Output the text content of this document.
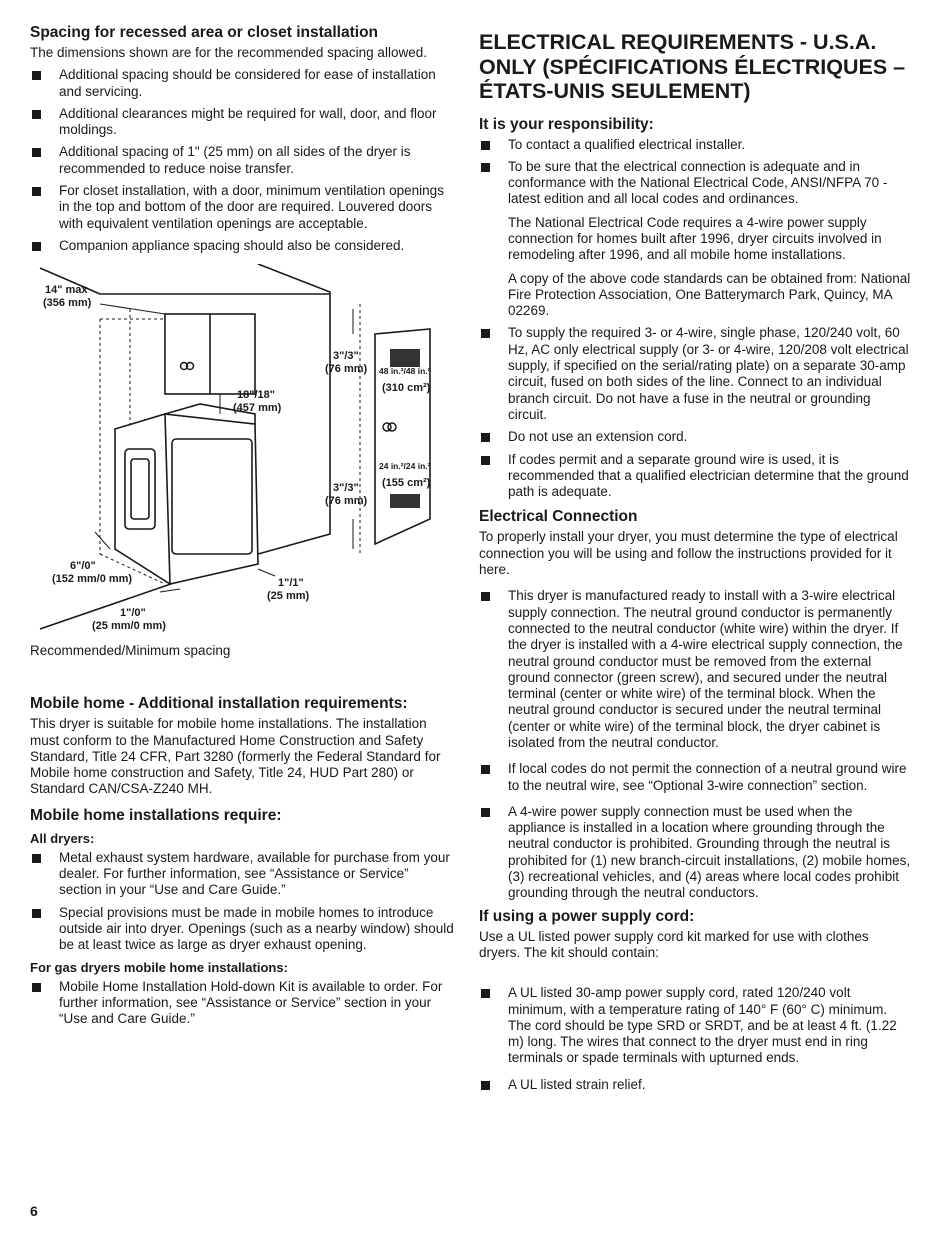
Spacing for recessed area or closet installation

The dimensions shown are for the recommended spacing allowed.

Additional spacing should be considered for ease of installation and servicing.
Additional clearances might be required for wall, door, and floor moldings.
Additional spacing of 1" (25 mm) on all sides of the dryer is recommended to reduce noise transfer.
For closet installation, with a door, minimum ventilation openings in the top and bottom of the door are required. Louvered doors with equivalent ventilation openings are acceptable.
Companion appliance spacing should also be considered.
14" max
(356 mm)
18"/18"
(457 mm)
6"/0"
(152 mm/0 mm)	1"/1"
(25 mm)
1"/0"
(25 mm/0 mm)
3"/3"
(76 mm)
3"/3"
(76 mm)
48 in.²/48 in.²
(310 cm²)
24 in.²/24 in.²
(155 cm²)

Recommended/Minimum spacing

Mobile home - Additional installation requirements:

This dryer is suitable for mobile home installations. The installation must conform to the Manufactured Home Construction and Safety Standard, Title 24 CFR, Part 3280 (formerly the Federal Standard for Mobile home construction and Safety, Title 24, HUD Part 280) or Standard CAN/CSA-Z240 MH.

Mobile home installations require:
All dryers:
Metal exhaust system hardware, available for purchase from your dealer. For further information, see “Assistance or Service” section in your “Use and Care Guide.”
Special provisions must be made in mobile homes to introduce outside air into dryer. Openings (such as a nearby window) should be at least twice as large as dryer exhaust opening.
For gas dryers mobile home installations:
Mobile Home Installation Hold-down Kit is available to order. For further information, see “Assistance or Service” section in your “Use and Care Guide.”
ELECTRICAL REQUIREMENTS - U.S.A. ONLY (SPÉCIFICATIONS ÉLECTRIQUES – ÉTATS-UNIS SEULEMENT)
It is your responsibility:
To contact a qualified electrical installer.

To be sure that the electrical connection is adequate and in conformance with the National Electrical Code, ANSI/NFPA 70 - latest edition and all local codes and ordinances.

The National Electrical Code requires a 4-wire power supply connection for homes built after 1996, dryer circuits involved in remodeling after 1996, and all mobile home installations.

A copy of the above code standards can be obtained from: National Fire Protection Association, One Batterymarch Park, Quincy, MA 02269.

To supply the required 3- or 4-wire, single phase, 120/240 volt, 60 Hz, AC only electrical supply (or 3- or 4-wire, 120/208 volt electrical supply, if specified on the serial/rating plate) on a separate 30-amp circuit, fused on both sides of the line. Connect to an individual branch circuit. Do not have a fuse in the neutral or grounding circuit.
Do not use an extension cord.
If codes permit and a separate ground wire is used, it is recommended that a qualified electrician determine that the ground path is adequate.
Electrical Connection

To properly install your dryer, you must determine the type of electrical connection you will be using and follow the instructions provided for it here.

This dryer is manufactured ready to install with a 3-wire electrical supply connection. The neutral ground conductor is permanently connected to the neutral conductor (white wire) within the dryer. If the dryer is installed with a 4-wire electrical supply connection, the neutral ground conductor must be removed from the external ground connector (green screw), and secured under the neutral terminal (center or white wire) of the terminal block. When the neutral ground conductor is secured under the neutral terminal (center or white wire) of the terminal block, the dryer cabinet is isolated from the neutral conductor.
If local codes do not permit the connection of a neutral ground wire to the neutral wire, see “Optional 3-wire connection” section.
A 4-wire power supply connection must be used when the appliance is installed in a location where grounding through the neutral conductor is prohibited. Grounding through the neutral is prohibited for (1) new branch-circuit installations, (2) mobile homes, (3) recreational vehicles, and (4) areas where local codes prohibit grounding through the neutral conductors.
If using a power supply cord:

Use a UL listed power supply cord kit marked for use with clothes dryers. The kit should contain:

A UL listed 30-amp power supply cord, rated 120/240 volt minimum, with a temperature rating of 140° F (60° C) minimum. The cord should be type SRD or SRDT, and be at least 4 ft. (1.22 m) long. The wires that connect to the dryer must end in ring terminals or spade terminals with upturned ends.
A UL listed strain relief.
6
